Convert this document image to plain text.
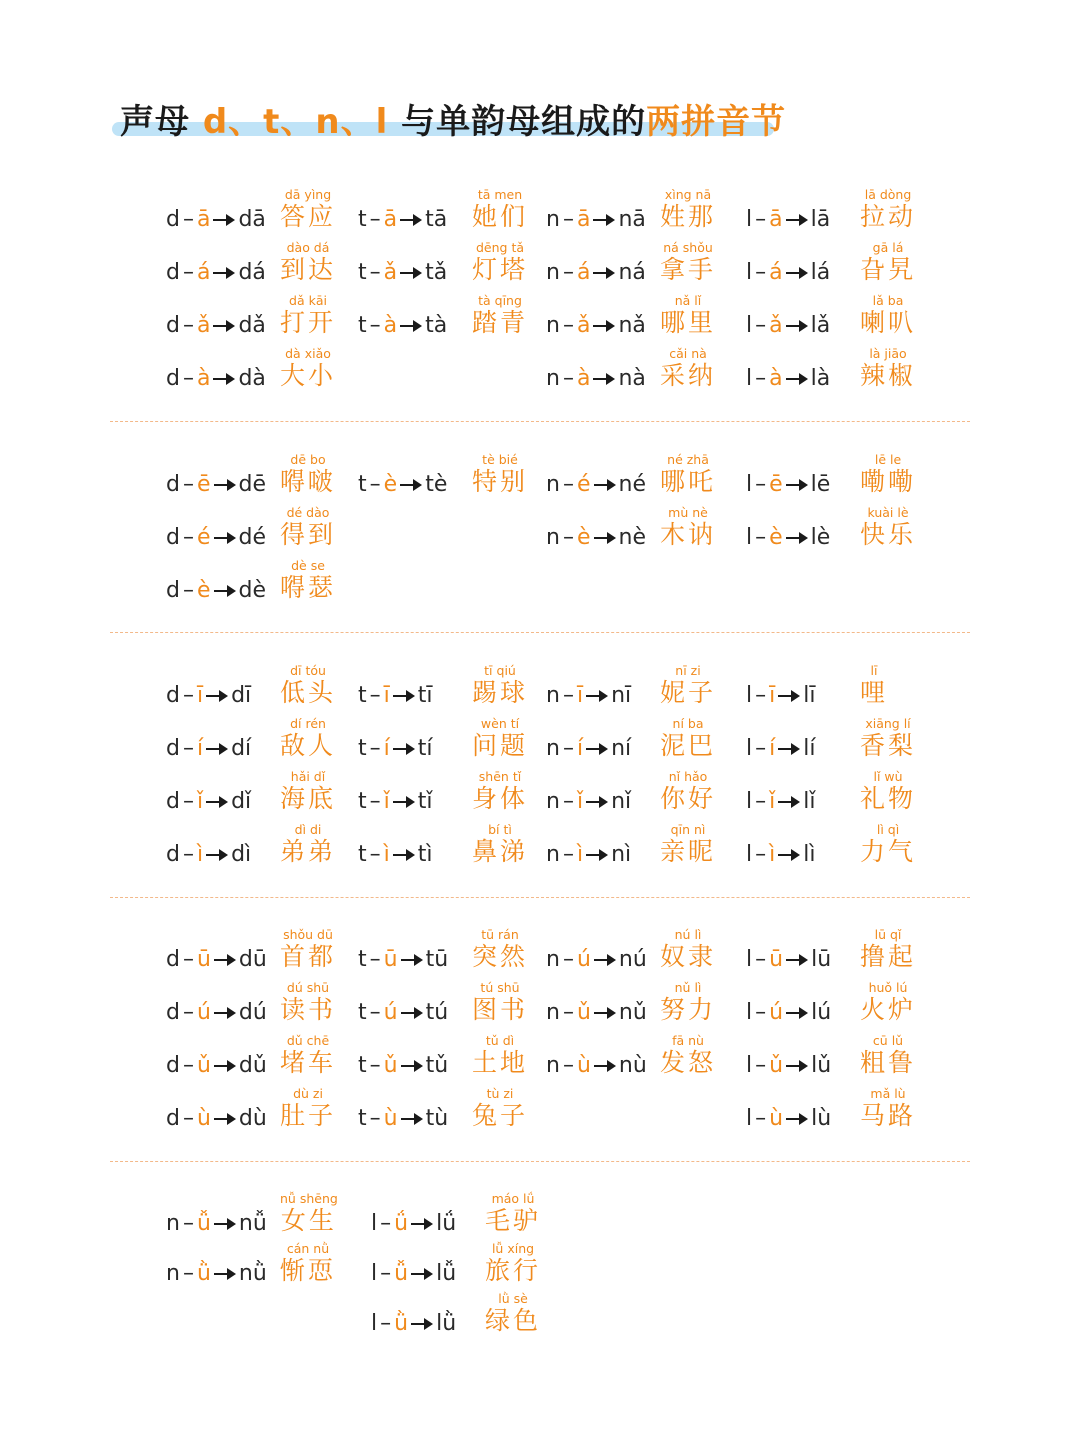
声母 d、t、n、l 与单韵母组成的两拼音节
d – ā dā
dā yìng
答应
d – á dá
dào dá
到达
d – ǎ dǎ
dǎ kāi
打开
d – à dà
dà xiǎo
大小
t – ā tā
tā men
她们
t – ǎ tǎ
dēng tǎ
灯塔
t – à tà
tà qīng
踏青
n – ā nā
xìng nā
姓那
n – á ná
ná shǒu
拿手
n – ǎ nǎ
nǎ lǐ
哪里
n – à nà
cǎi nà
采纳
l – ā lā
lā dòng
拉动
l – á lá
gā lá
旮旯
l – ǎ lǎ
lǎ ba
喇叭
l – à là
là jiāo
辣椒
d – ē dē
dē bo
嘚啵
d – é dé
dé dào
得到
d – è dè
dè se
嘚瑟
t – è tè
tè bié
特别 n – é né
né zhā
哪吒
n – è nè
mù nè
木讷
l – ē lē
lē le
嘞嘞
l – è lè
kuài lè
快乐
d – ī dī
dī tóu
低头
d – í dí
dí rén
敌人
d – ǐ dǐ
hǎi dǐ
海底
d – ì dì
dì di
弟弟
t – ī tī
tī qiú
踢球
t – í tí
wèn tí
问题
t – ǐ tǐ
shēn tǐ
身体
t – ì tì
bí tì
鼻涕
n – ī nī
nī zi
妮子
n – í ní
ní ba
泥巴
n – ǐ nǐ
nǐ hǎo
你好
n – ì nì
qīn nì
亲昵
l – ī lī
lī
哩
l – í lí
xiāng lí
香梨
l – ǐ lǐ
lǐ wù
礼物
l – ì lì
lì qì
力气
d – ū dū
shǒu dū
首都
d – ú dú
dú shū
读书
d – ǔ dǔ
dǔ chē
堵车
d – ù dù
dù zi
肚子
t – ū tū
tū rán
突然
t – ú tú
tú shū
图书
t – ǔ tǔ
tǔ dì
土地
t – ù tù
tù zi
兔子
n – ú nú
nú lì
奴隶
n – ǔ nǔ
nǔ lì
努力
n – ù nù
fā nù
发怒
l – ū lū
lū qǐ
撸起
l – ú lú
huǒ lú
火炉
l – ǔ lǔ
cū lǔ
粗鲁
l – ù lù
mǎ lù
马路
n – ǚ nǚ
nǚ shēng
女生
n – ǜ nǜ
cán nǜ
惭恧
l – ǘ lǘ
máo lǘ
毛驴
l – ǚ lǚ
lǚ xíng
旅行
l – ǜ lǜ
lǜ sè
绿色
